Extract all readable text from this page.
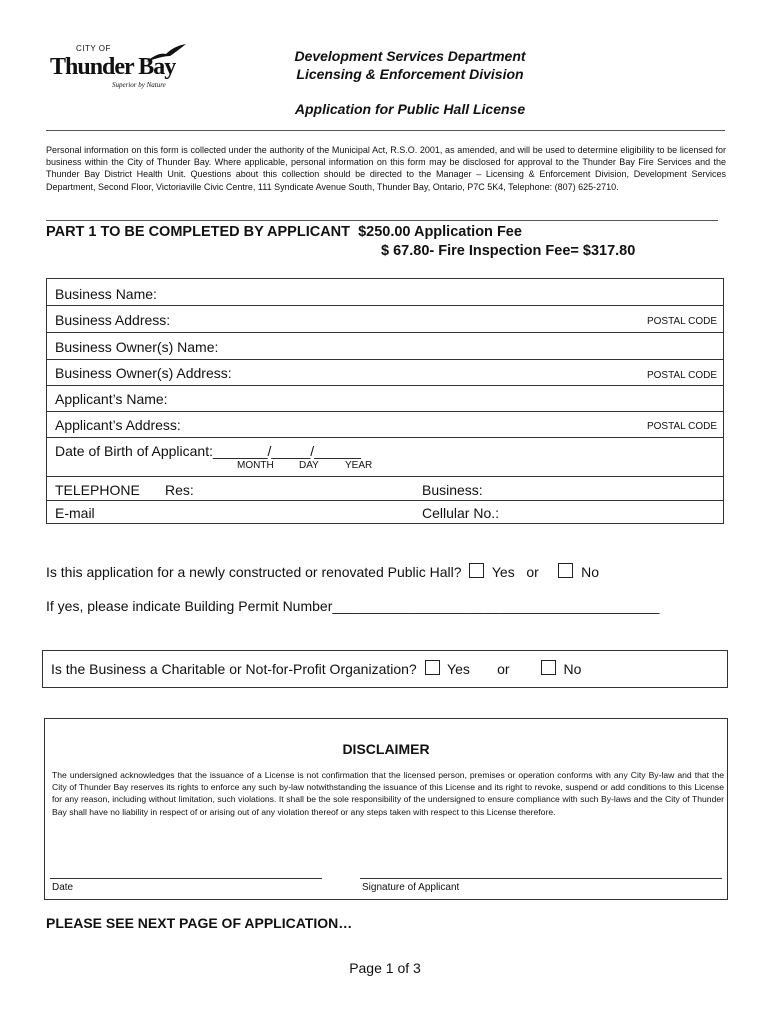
CITY OF
Thunder Bay
Superior by Nature
Development Services Department
Licensing & Enforcement Division
Application for Public Hall License
Personal information on this form is collected under the authority of the Municipal Act, R.S.O. 2001, as amended, and will be used to determine eligibility to be licensed for business within the City of Thunder Bay. Where applicable, personal information on this form may be disclosed for approval to the Thunder Bay Fire Services and the Thunder Bay District Health Unit. Questions about this collection should be directed to the Manager – Licensing & Enforcement Division, Development Services Department, Second Floor, Victoriaville Civic Centre, 111 Syndicate Avenue South, Thunder Bay, Ontario, P7C 5K4, Telephone: (807) 625-2710.
PART 1 TO BE COMPLETED BY APPLICANT $250.00 Application Fee
$ 67.80- Fire Inspection Fee= $317.80
Business Name:
Business Address:	POSTAL CODE
Business Owner(s) Name:
Business Owner(s) Address:	POSTAL CODE
Applicant’s Name:
Applicant’s Address:	POSTAL CODE
Date of Birth of Applicant:_______/_____/______
MONTH	DAY	YEAR
TELEPHONE Res:	Business:
E-mail	Cellular No.:
Is this application for a newly constructed or renovated Public Hall? Yes or	No
If yes, please indicate Building Permit Number__________________________________________
Is the Business a Charitable or Not-for-Profit Organization? Yes or	No
DISCLAIMER
The undersigned acknowledges that the issuance of a License is not confirmation that the licensed person, premises or operation conforms with any City By-law and that the City of Thunder Bay reserves its rights to enforce any such by-law notwithstanding the issuance of this License and its right to revoke, suspend or add conditions to this License for any reason, including without limitation, such violations. It shall be the sole responsibility of the undersigned to ensure compliance with such By-laws and the City of Thunder Bay shall have no liability in respect of or arising out of any violation thereof or any steps taken with respect to this License therefore.
Date	Signature of Applicant
PLEASE SEE NEXT PAGE OF APPLICATION…
Page 1 of 3
